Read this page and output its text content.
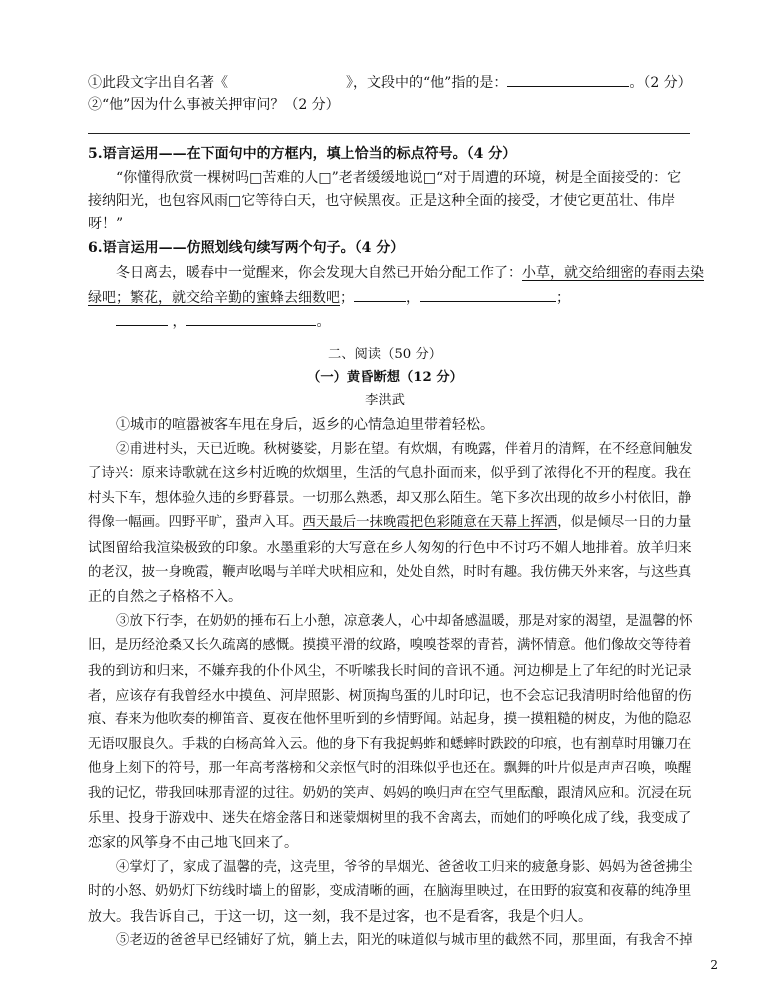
①此段文字出自名著《	》，文段中的“他”指的是：	。（2 分）
②“他”因为什么事被关押审问？（2 分）
5.语言运用——在下面句中的方框内，填上恰当的标点符号。（4 分）
“你懂得欣赏一棵树吗□苦难的人□”老者缓缓地说□“对于周遭的环境，树是全面接受的：它
接纳阳光，也包容风雨□它等待白天，也守候黑夜。正是这种全面的接受，才使它更茁壮、伟岸
呀！”
6.语言运用——仿照划线句续写两个句子。（4 分）
冬日离去，暖春中一觉醒来，你会发现大自然已开始分配工作了：小草，就交给细密的春雨去染
绿吧；繁花，就交给辛勤的蜜蜂去细数吧；	，	；
，	。
二、阅读（50 分）
（一）黄昏断想（12 分）
李洪武
①城市的喧嚣被客车甩在身后，返乡的心情急迫里带着轻松。
②甫进村头，天已近晚。秋树婆娑，月影在望。有炊烟，有晚露，伴着月的清辉，在不经意间触发
了诗兴：原来诗歌就在这乡村近晚的炊烟里，生活的气息扑面而来，似乎到了浓得化不开的程度。我在
村头下车，想体验久违的乡野暮景。一切那么熟悉，却又那么陌生。笔下多次出现的故乡小村依旧，静
得像一幅画。四野平旷，蛩声入耳。西天最后一抹晚霞把色彩随意在天幕上挥洒，似是倾尽一日的力量
试图留给我渲染极致的印象。水墨重彩的大写意在乡人匆匆的行色中不讨巧不媚人地排着。放羊归来
的老汉，披一身晚霞，鞭声吆喝与羊咩犬吠相应和，处处自然，时时有趣。我仿佛天外来客，与这些真
正的自然之子格格不入。
③放下行李，在奶奶的捶布石上小憩，凉意袭人，心中却备感温暖，那是对家的渴望，是温馨的怀
旧，是历经沧桑又长久疏离的感慨。摸摸平滑的纹路，嗅嗅苍翠的青苔，满怀情意。他们像故交等待着
我的到访和归来，不嫌弃我的仆仆风尘，不听嗦我长时间的音讯不通。河边柳是上了年纪的时光记录
者，应该存有我曾经水中摸鱼、河岸照影、树顶掏鸟蛋的儿时印记，也不会忘记我清明时给他留的伤
痕、春来为他吹奏的柳笛音、夏夜在他怀里听到的乡情野闻。站起身，摸一摸粗糙的树皮，为他的隐忍
无语叹服良久。手栽的白杨高耸入云。他的身下有我捉蚂蚱和蟋蟀时跌跤的印痕，也有割草时用镰刀在
他身上刻下的符号，那一年高考落榜和父亲怄气时的泪珠似乎也还在。飘舞的叶片似是声声召唤，唤醒
我的记忆，带我回味那青涩的过往。奶奶的笑声、妈妈的唤归声在空气里酝酿，跟清风应和。沉浸在玩
乐里、投身于游戏中、迷失在熔金落日和迷蒙烟树里的我不舍离去，而她们的呼唤化成了线，我变成了
恋家的风筝身不由己地飞回来了。
④掌灯了，家成了温馨的壳，这壳里，爷爷的旱烟光、爸爸收工归来的疲惫身影、妈妈为爸爸拂尘
时的小怒、奶奶灯下纺线时墙上的留影，变成清晰的画，在脑海里映过，在田野的寂寞和夜幕的纯净里
放大。我告诉自己，于这一切，这一刻，我不是过客，也不是看客，我是个归人。
⑤老迈的爸爸早已经铺好了炕，躺上去，阳光的味道似与城市里的截然不同，那里面，有我舍不掉
2
